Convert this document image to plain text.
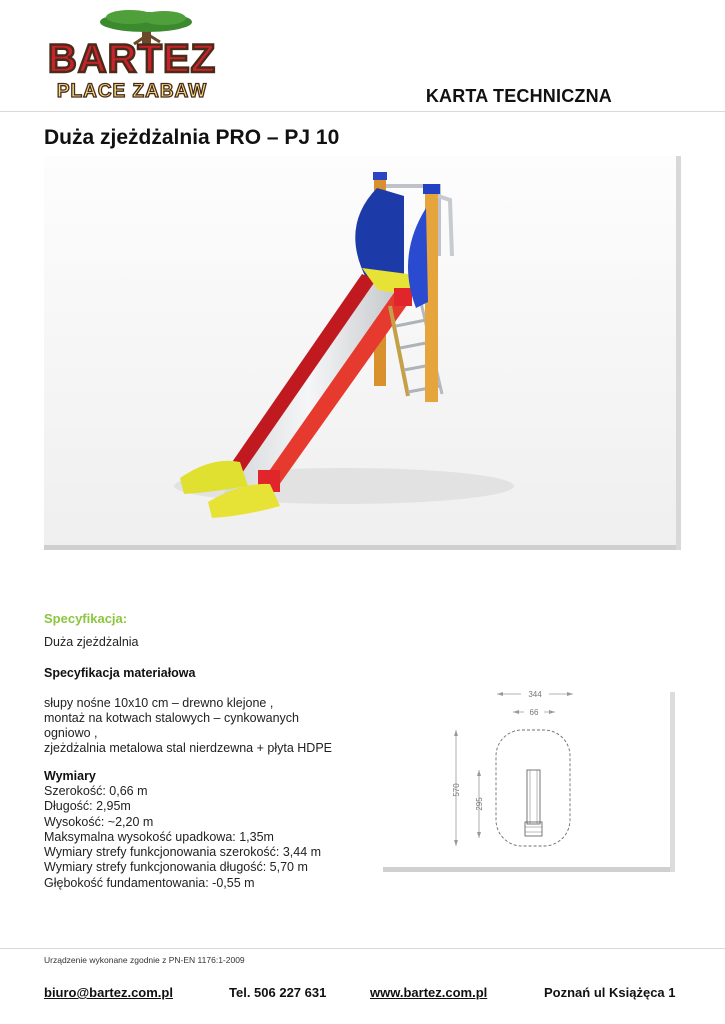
BARTEZ
PLACE ZABAW	KARTA TECHNICZNA
Duża zjeżdżalnia PRO – PJ 10
Specyfikacja:
Duża zjeżdżalnia
Specyfikacja materiałowa
słupy nośne 10x10 cm – drewno klejone ,
montaż na kotwach stalowych – cynkowanych
ogniowo ,
zjeżdżalnia metalowa stal nierdzewna + płyta HDPE
Wymiary
Szerokość: 0,66 m
Długość: 2,95m
Wysokość: ~2,20 m
Maksymalna wysokość upadkowa: 1,35m
Wymiary strefy funkcjonowania szerokość: 3,44 m
Wymiary strefy funkcjonowania długość: 5,70 m
Głębokość fundamentowania: -0,55 m
344
66
570
295
Urządzenie wykonane zgodnie z PN-EN 1176:1-2009
biuro@bartez.com.pl	Tel. 506 227 631	www.bartez.com.pl	Poznań ul Książęca 1
